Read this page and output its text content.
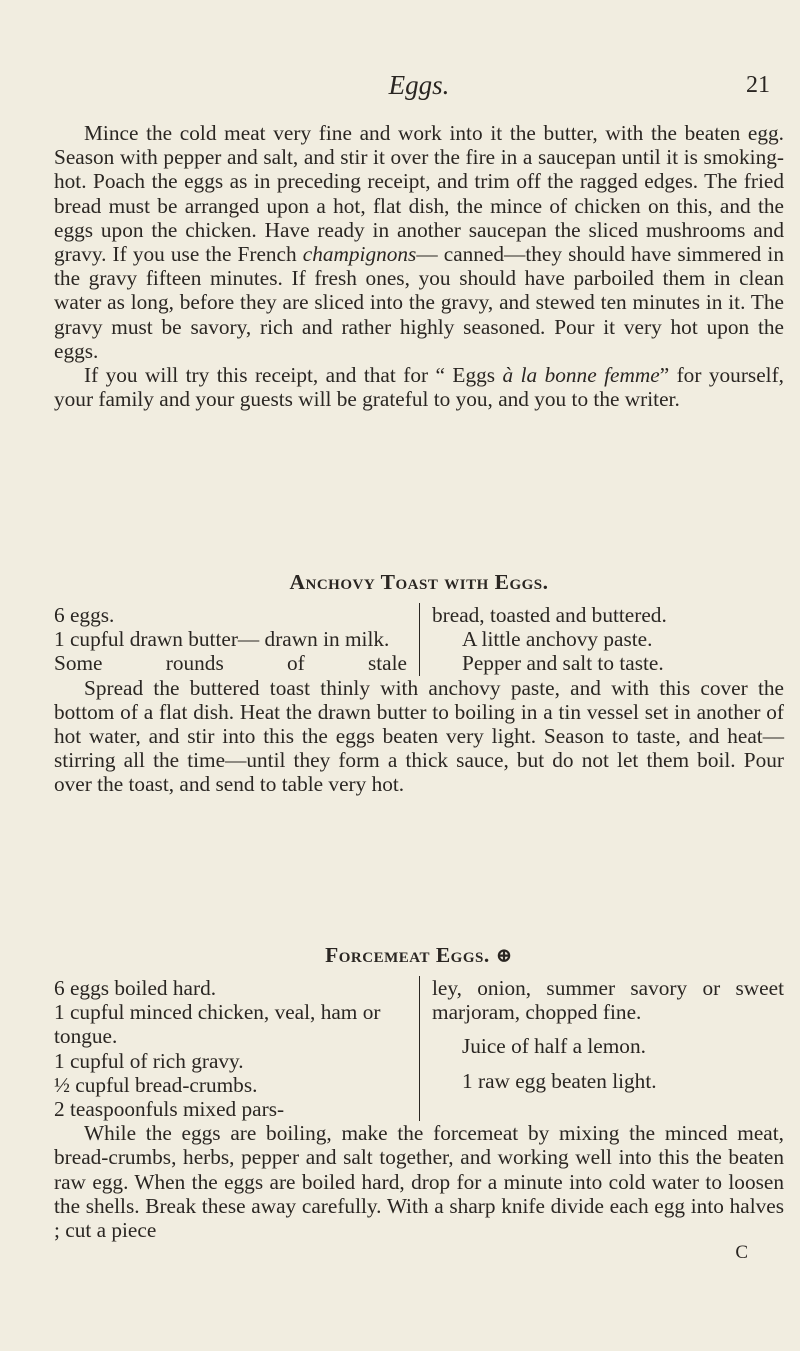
Eggs.	21

Mince the cold meat very fine and work into it the butter, with the beaten egg. Season with pepper and salt, and stir it over the fire in a saucepan until it is smoking-hot. Poach the eggs as in preceding receipt, and trim off the ragged edges. The fried bread must be arranged upon a hot, flat dish, the mince of chicken on this, and the eggs upon the chicken. Have ready in another saucepan the sliced mushrooms and gravy. If you use the French champignons— canned—they should have simmered in the gravy fifteen minutes. If fresh ones, you should have parboiled them in clean water as long, before they are sliced into the gravy, and stewed ten minutes in it. The gravy must be savory, rich and rather highly seasoned. Pour it very hot upon the eggs.

If you will try this receipt, and that for “ Eggs à la bonne femme” for yourself, your family and your guests will be grateful to you, and you to the writer.

Anchovy Toast with Eggs.

6 eggs.

1 cupful drawn butter— drawn in milk.

Some rounds of stale

bread, toasted and buttered.

A little anchovy paste.

Pepper and salt to taste.

Spread the buttered toast thinly with anchovy paste, and with this cover the bottom of a flat dish. Heat the drawn butter to boiling in a tin vessel set in another of hot water, and stir into this the eggs beaten very light. Season to taste, and heat—stirring all the time—until they form a thick sauce, but do not let them boil. Pour over the toast, and send to table very hot.

Forcemeat Eggs. ⊕

6 eggs boiled hard.

1 cupful minced chicken, veal, ham or tongue.

1 cupful of rich gravy.

½ cupful bread-crumbs.

2 teaspoonfuls mixed pars-

ley, onion, summer savory or sweet marjoram, chopped fine.

Juice of half a lemon.

1 raw egg beaten light.

While the eggs are boiling, make the forcemeat by mixing the minced meat, bread-crumbs, herbs, pepper and salt together, and working well into this the beaten raw egg. When the eggs are boiled hard, drop for a minute into cold water to loosen the shells. Break these away carefully. With a sharp knife divide each egg into halves ; cut a piece

C
